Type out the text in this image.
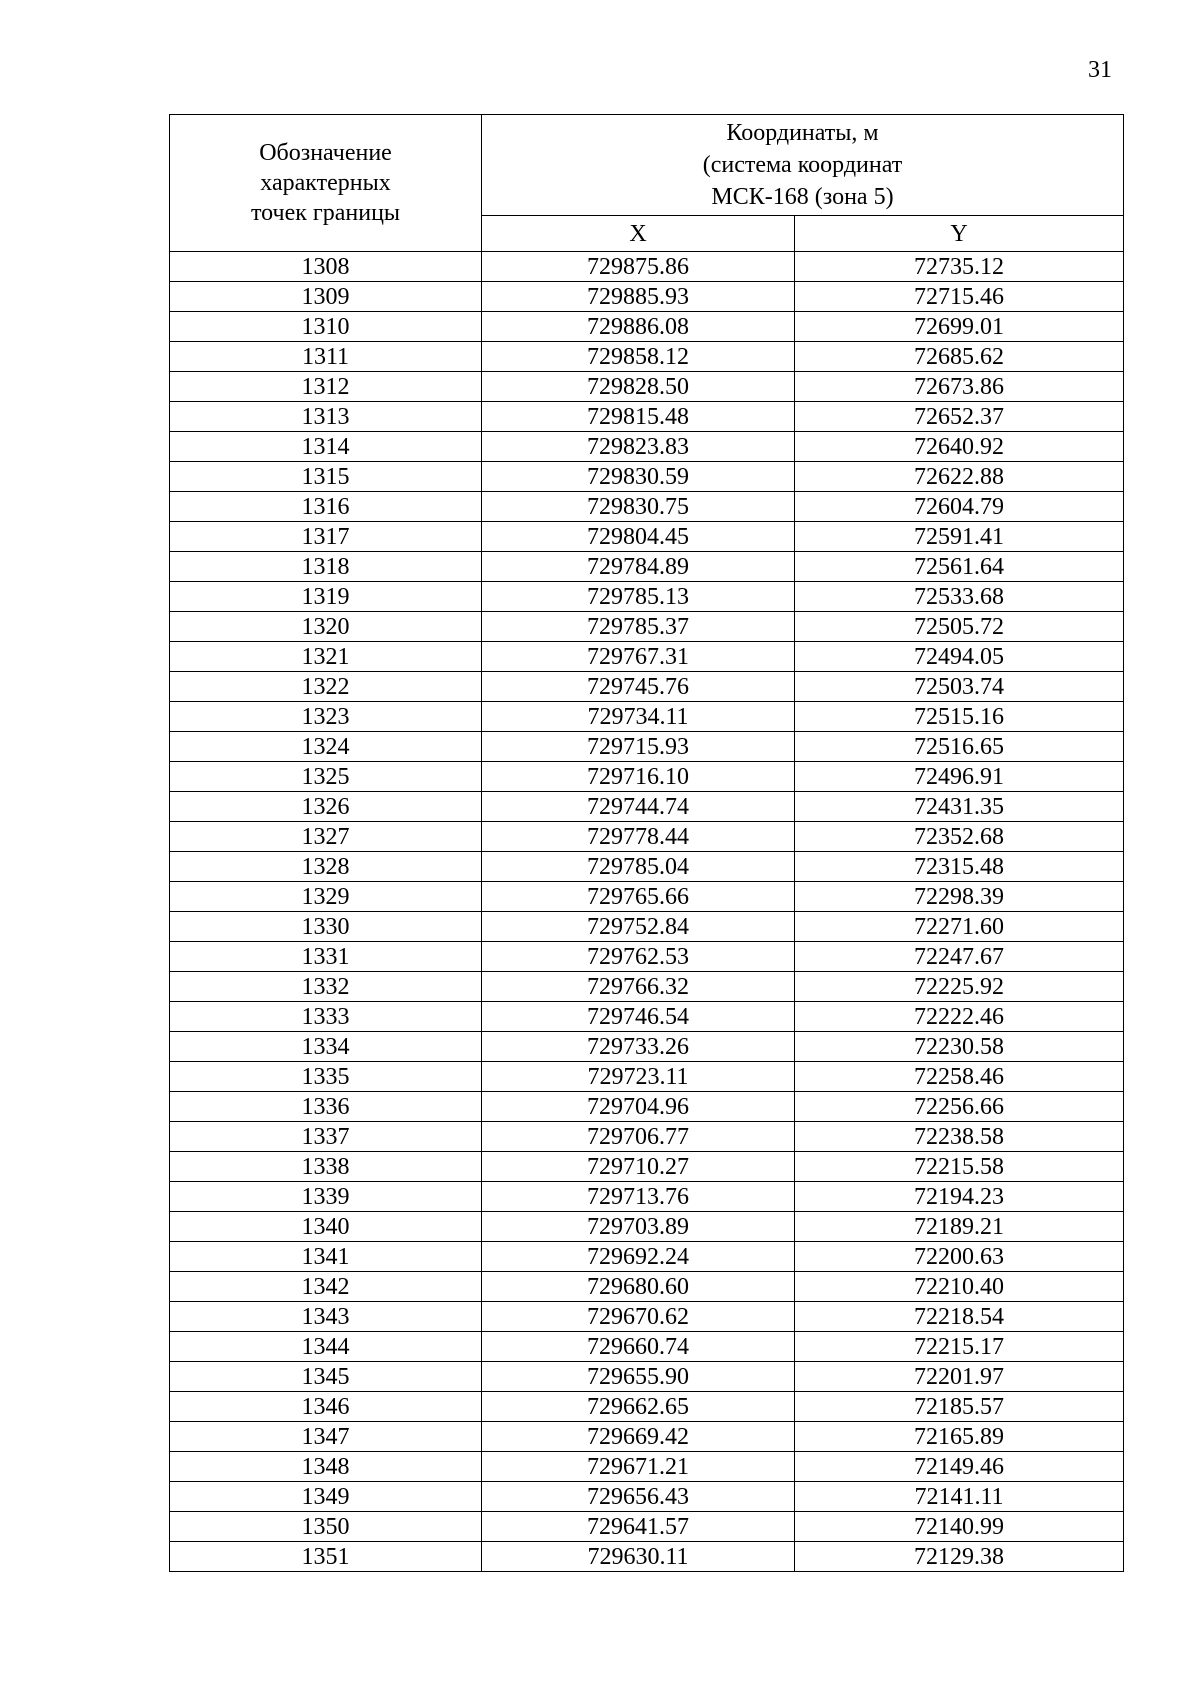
31
Обозначение
характерных
точек границы	Координаты, м
(система координат
МСК-168 (зона 5)	

	X	Y
1308	729875.86	72735.12
1309	729885.93	72715.46
1310	729886.08	72699.01
1311	729858.12	72685.62
1312	729828.50	72673.86
1313	729815.48	72652.37
1314	729823.83	72640.92
1315	729830.59	72622.88
1316	729830.75	72604.79
1317	729804.45	72591.41
1318	729784.89	72561.64
1319	729785.13	72533.68
1320	729785.37	72505.72
1321	729767.31	72494.05
1322	729745.76	72503.74
1323	729734.11	72515.16
1324	729715.93	72516.65
1325	729716.10	72496.91
1326	729744.74	72431.35
1327	729778.44	72352.68
1328	729785.04	72315.48
1329	729765.66	72298.39
1330	729752.84	72271.60
1331	729762.53	72247.67
1332	729766.32	72225.92
1333	729746.54	72222.46
1334	729733.26	72230.58
1335	729723.11	72258.46
1336	729704.96	72256.66
1337	729706.77	72238.58
1338	729710.27	72215.58
1339	729713.76	72194.23
1340	729703.89	72189.21
1341	729692.24	72200.63
1342	729680.60	72210.40
1343	729670.62	72218.54
1344	729660.74	72215.17
1345	729655.90	72201.97
1346	729662.65	72185.57
1347	729669.42	72165.89
1348	729671.21	72149.46
1349	729656.43	72141.11
1350	729641.57	72140.99
1351	729630.11	72129.38
